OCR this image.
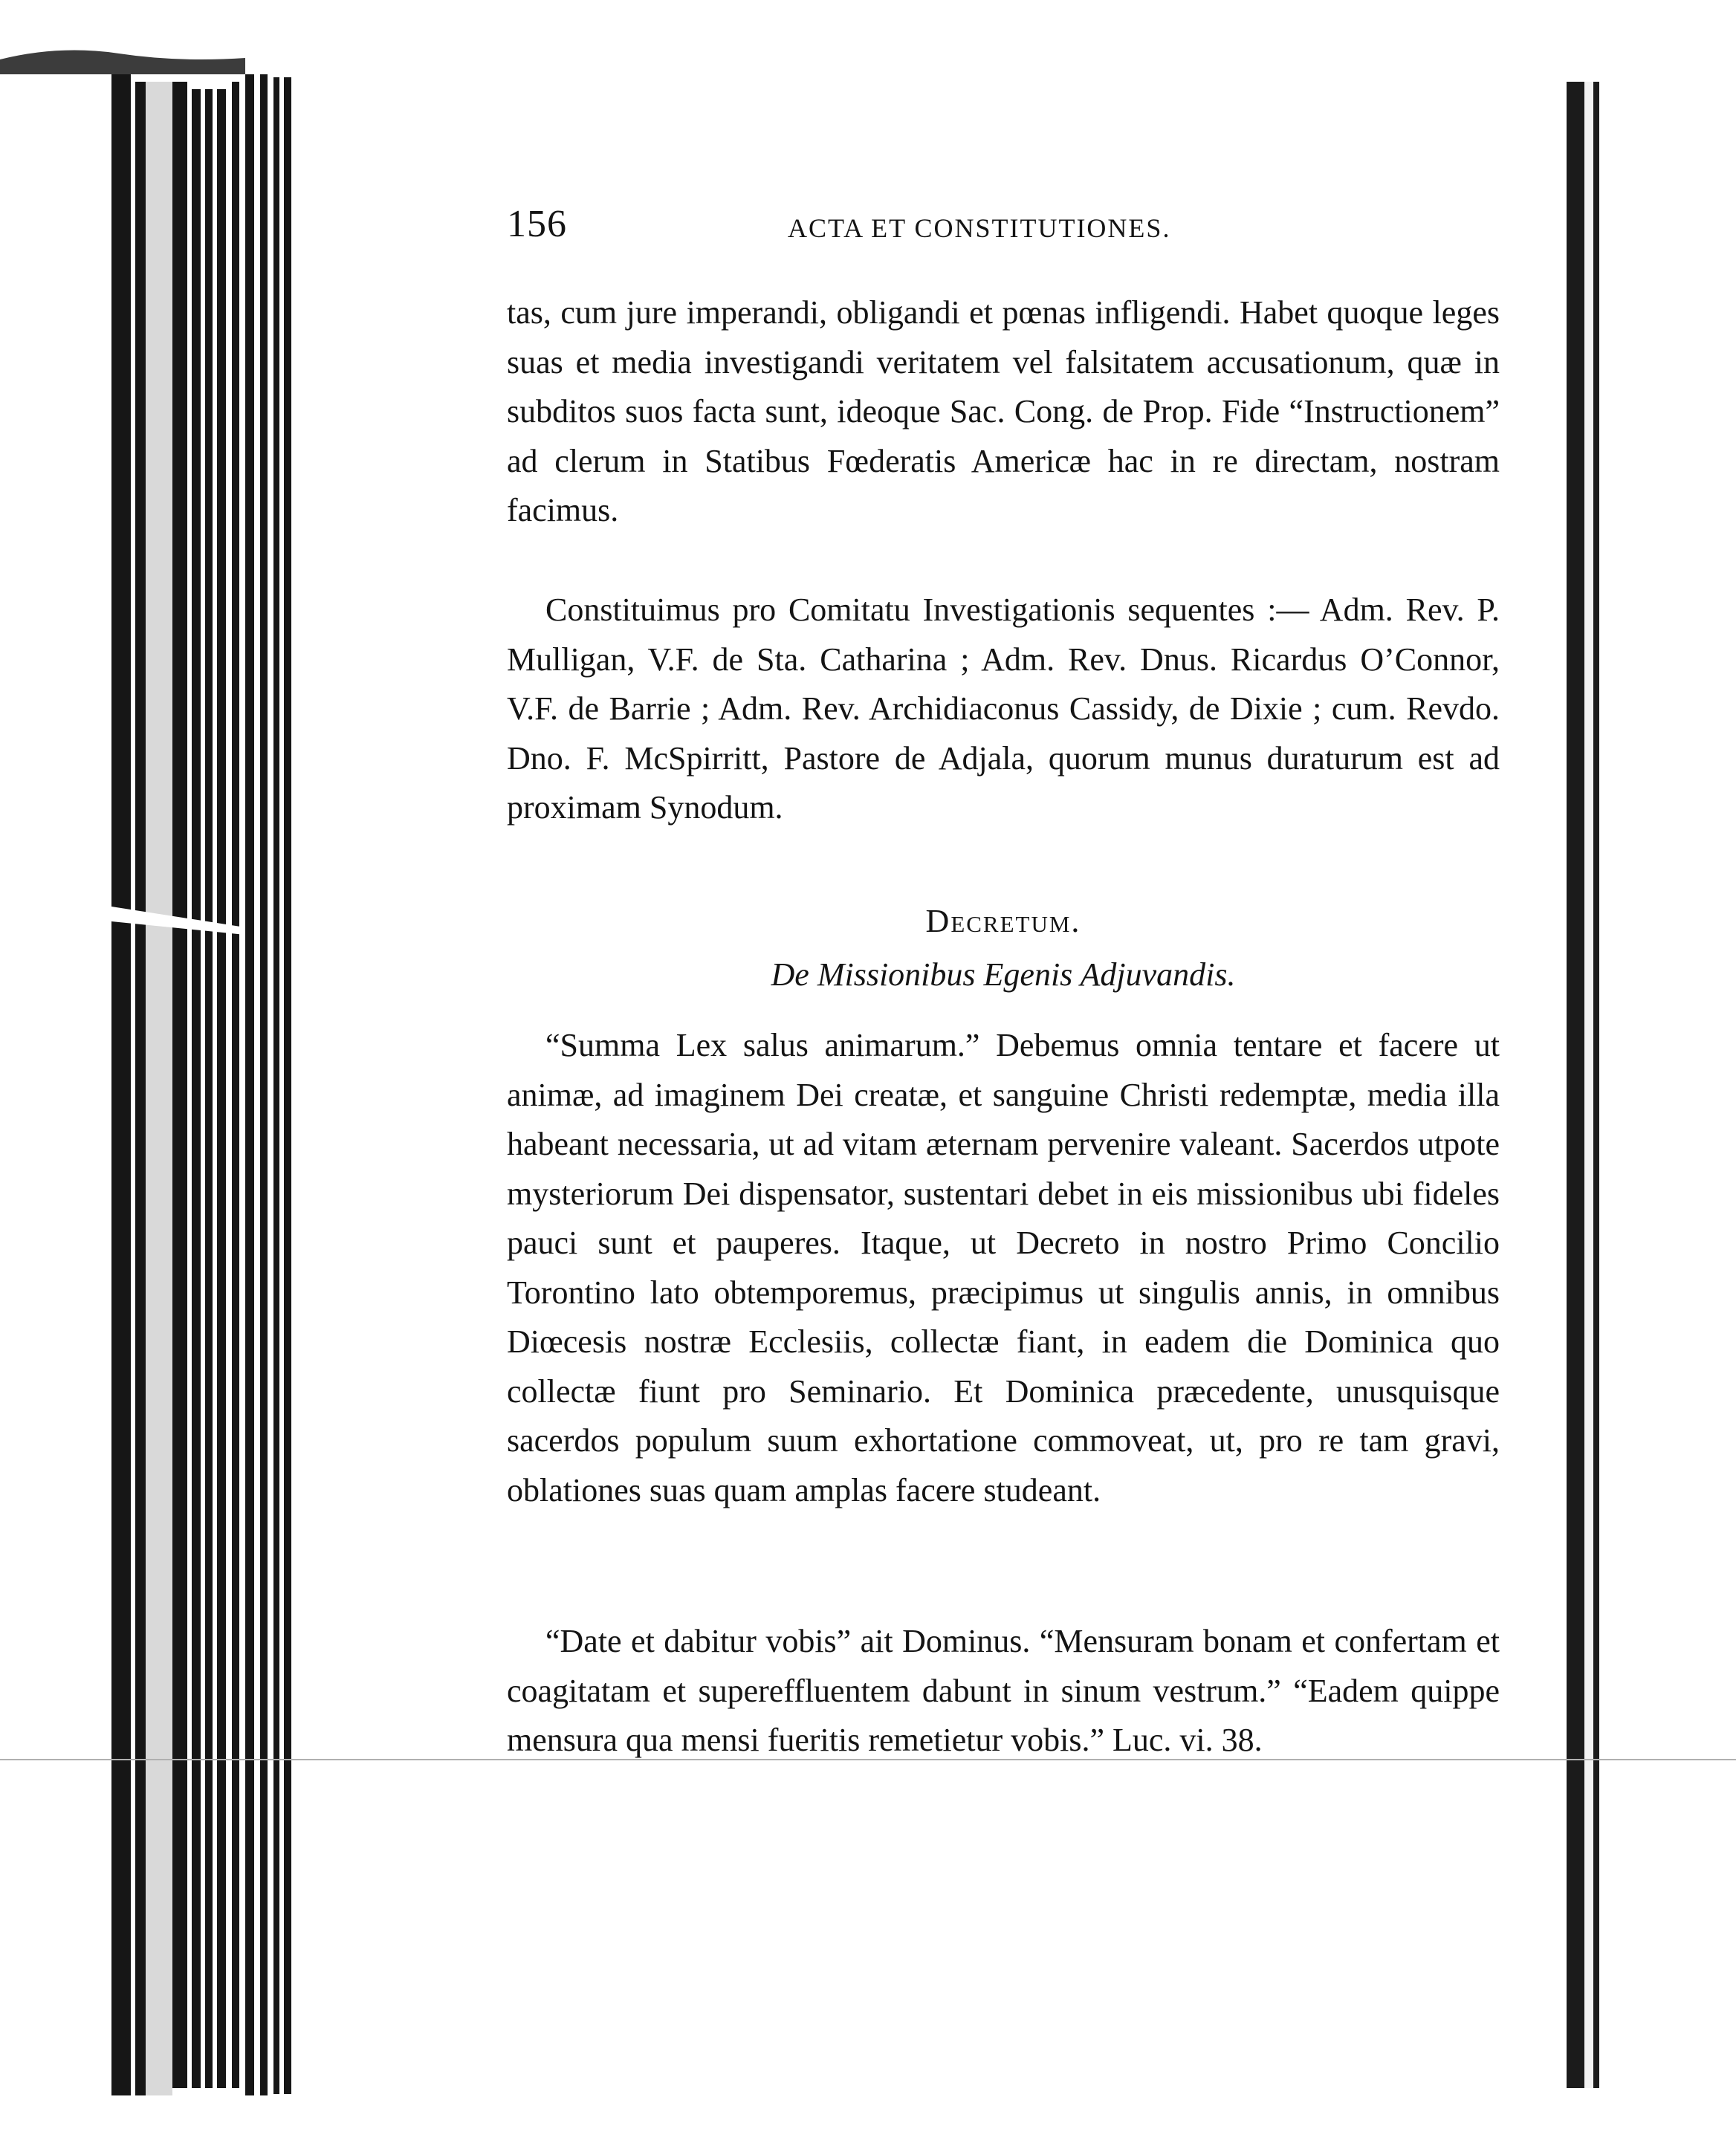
156	ACTA ET CONSTITUTIONES.
tas, cum jure imperandi, obligandi et pœnas infligendi. Habet quoque leges suas et media investigandi veritatem vel falsitatem accusationum, quæ in subditos suos facta sunt, ideoque Sac. Cong. de Prop. Fide “Instructionem” ad clerum in Statibus Fœderatis Americæ hac in re directam, nostram facimus.
Constituimus pro Comitatu Investigationis sequentes :— Adm. Rev. P. Mulligan, V.F. de Sta. Catharina ; Adm. Rev. Dnus. Ricardus O’Connor, V.F. de Barrie ; Adm. Rev. Archidiaconus Cassidy, de Dixie ; cum. Revdo. Dno. F. McSpirritt, Pastore de Adjala, quorum munus duraturum est ad proximam Synodum.
Decretum.
De Missionibus Egenis Adjuvandis.
“Summa Lex salus animarum.” Debemus omnia tentare et facere ut animæ, ad imaginem Dei creatæ, et sanguine Christi redemptæ, media illa habeant necessaria, ut ad vitam æternam pervenire valeant. Sacerdos utpote mysteriorum Dei dispensator, sustentari debet in eis missionibus ubi fideles pauci sunt et pauperes. Itaque, ut Decreto in nostro Primo Concilio Torontino lato obtemporemus, præcipimus ut singulis annis, in omnibus Diœcesis nostræ Ecclesiis, collectæ fiant, in eadem die Dominica quo collectæ fiunt pro Seminario. Et Dominica præcedente, unusquisque sacerdos populum suum exhortatione commoveat, ut, pro re tam gravi, oblationes suas quam amplas facere studeant.
“Date et dabitur vobis” ait Dominus. “Mensuram bonam et confertam et coagitatam et supereffluentem dabunt in sinum vestrum.” “Eadem quippe mensura qua mensi fueritis remetietur vobis.” Luc. vi. 38.
